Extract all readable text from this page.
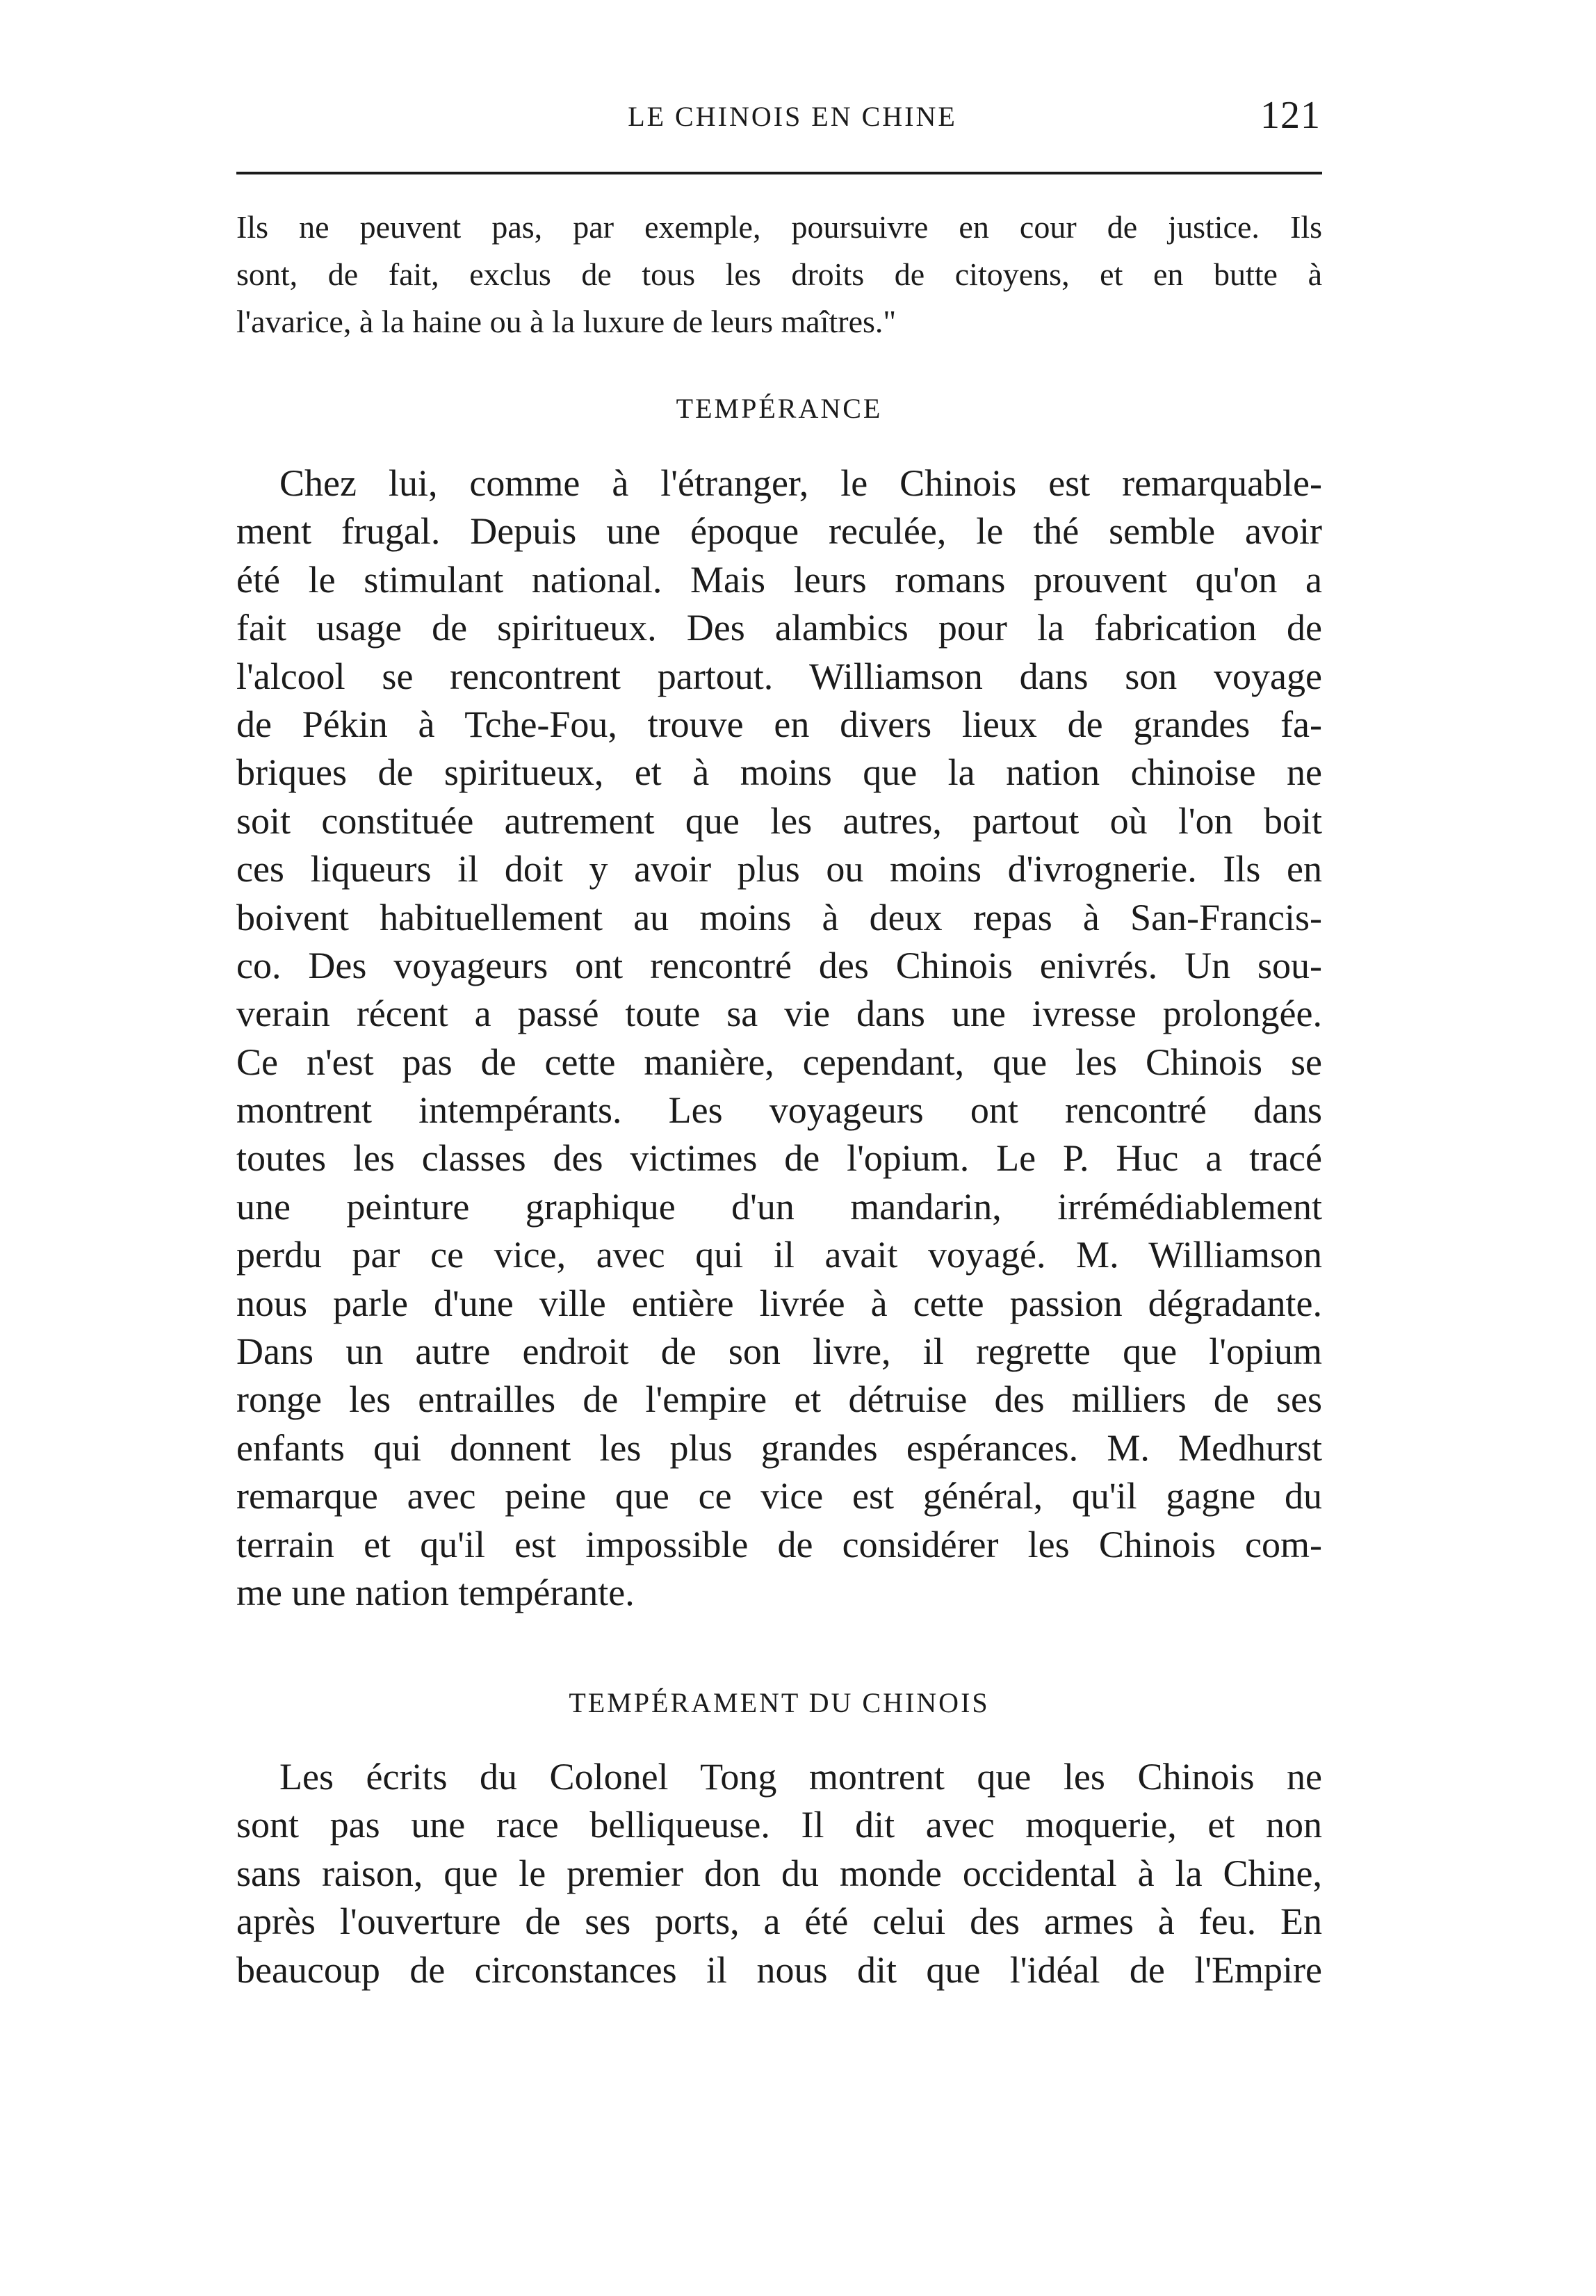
LE CHINOIS EN CHINE	121
Ils ne peuvent pas, par exemple, poursuivre en cour de justice. Ils
sont, de fait, exclus de tous les droits de citoyens, et en butte à
l'avarice, à la haine ou à la luxure de leurs maîtres."
TEMPÉRANCE
Chez lui, comme à l'étranger, le Chinois est remarquable-
ment frugal. Depuis une époque reculée, le thé semble avoir
été le stimulant national. Mais leurs romans prouvent qu'on a
fait usage de spiritueux. Des alambics pour la fabrication de
l'alcool se rencontrent partout. Williamson dans son voyage
de Pékin à Tche-Fou, trouve en divers lieux de grandes fa-
briques de spiritueux, et à moins que la nation chinoise ne
soit constituée autrement que les autres, partout où l'on boit
ces liqueurs il doit y avoir plus ou moins d'ivrognerie. Ils en
boivent habituellement au moins à deux repas à San-Francis-
co. Des voyageurs ont rencontré des Chinois enivrés. Un sou-
verain récent a passé toute sa vie dans une ivresse prolongée.
Ce n'est pas de cette manière, cependant, que les Chinois se
montrent intempérants. Les voyageurs ont rencontré dans
toutes les classes des victimes de l'opium. Le P. Huc a tracé
une peinture graphique d'un mandarin, irrémédiablement
perdu par ce vice, avec qui il avait voyagé. M. Williamson
nous parle d'une ville entière livrée à cette passion dégradante.
Dans un autre endroit de son livre, il regrette que l'opium
ronge les entrailles de l'empire et détruise des milliers de ses
enfants qui donnent les plus grandes espérances. M. Medhurst
remarque avec peine que ce vice est général, qu'il gagne du
terrain et qu'il est impossible de considérer les Chinois com-
me une nation tempérante.
TEMPÉRAMENT DU CHINOIS
Les écrits du Colonel Tong montrent que les Chinois ne
sont pas une race belliqueuse. Il dit avec moquerie, et non
sans raison, que le premier don du monde occidental à la Chine,
après l'ouverture de ses ports, a été celui des armes à feu. En
beaucoup de circonstances il nous dit que l'idéal de l'Empire
